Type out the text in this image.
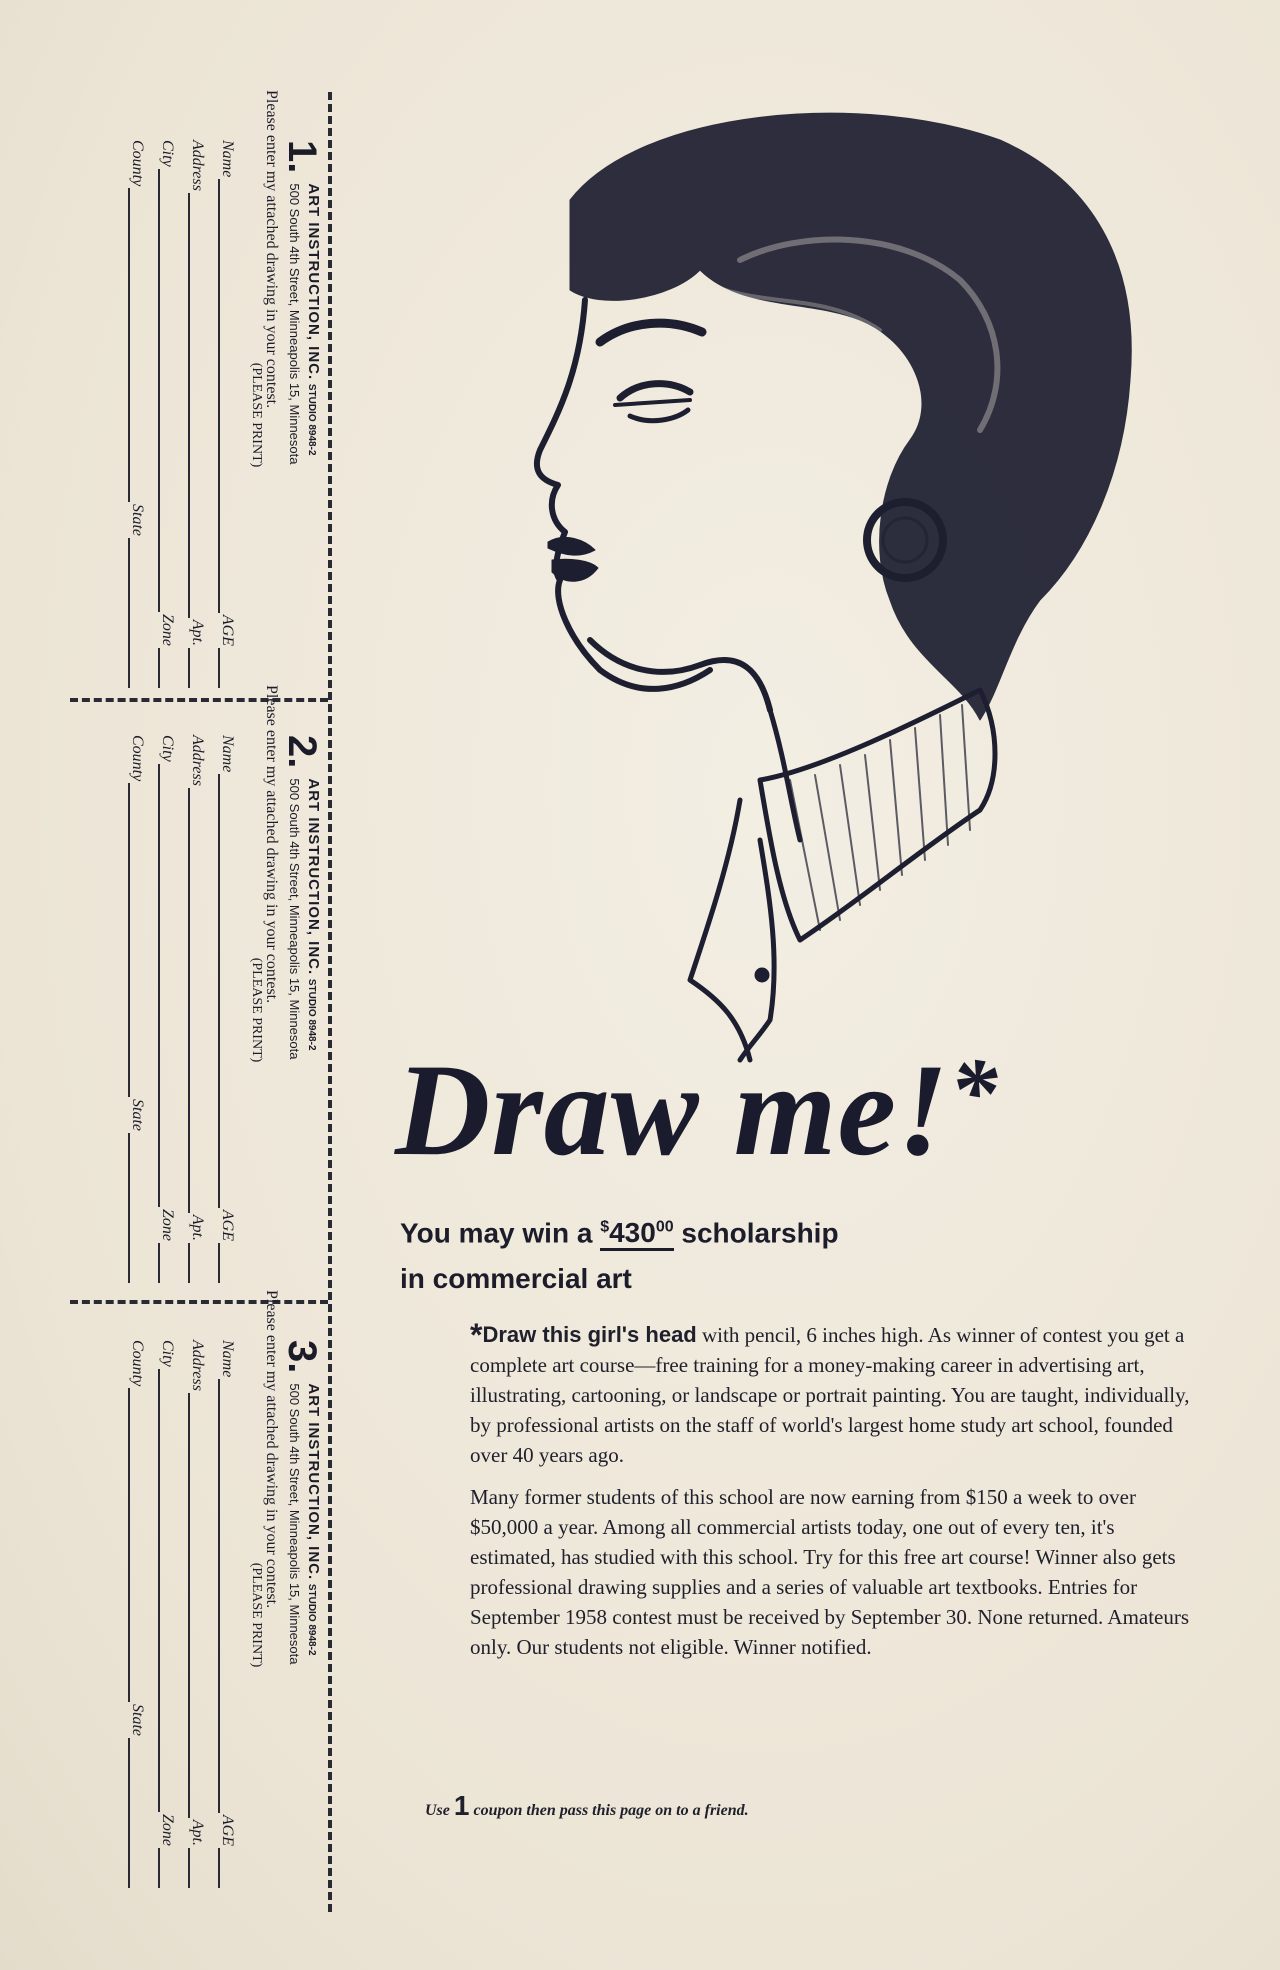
1.
ART INSTRUCTION, INC. STUDIO 8948-2
500 South 4th Street, Minneapolis 15, Minnesota
Please enter my attached drawing in your contest.
(PLEASE PRINT)
Name
AGE
Address
Apt.
City
Zone
County
State
2.
ART INSTRUCTION, INC. STUDIO 8948-2
500 South 4th Street, Minneapolis 15, Minnesota
Please enter my attached drawing in your contest.
(PLEASE PRINT)
Name
AGE
Address
Apt.
City
Zone
County
State
3.
ART INSTRUCTION, INC. STUDIO 8948-2
500 South 4th Street, Minneapolis 15, Minnesota
Please enter my attached drawing in your contest.
(PLEASE PRINT)
Name
AGE
Address
Apt.
City
Zone
County
State
Draw me!*
You may win a $^{\$}430^{00}$ scholarship
in commercial art

*Draw this girl's head with pencil, 6 inches high. As winner of contest you get a complete art course—free training for a money-making career in advertising art, illustrating, cartooning, or landscape or portrait painting. You are taught, individually, by professional artists on the staff of world's largest home study art school, founded over 40 years ago.

Many former students of this school are now earning from $150 a week to over $50,000 a year. Among all commercial artists today, one out of every ten, it's estimated, has studied with this school. Try for this free art course! Winner also gets professional drawing supplies and a series of valuable art textbooks. Entries for September 1958 contest must be received by September 30. None returned. Amateurs only. Our students not eligible. Winner notified.

Use 1 coupon then pass this page on to a friend.
